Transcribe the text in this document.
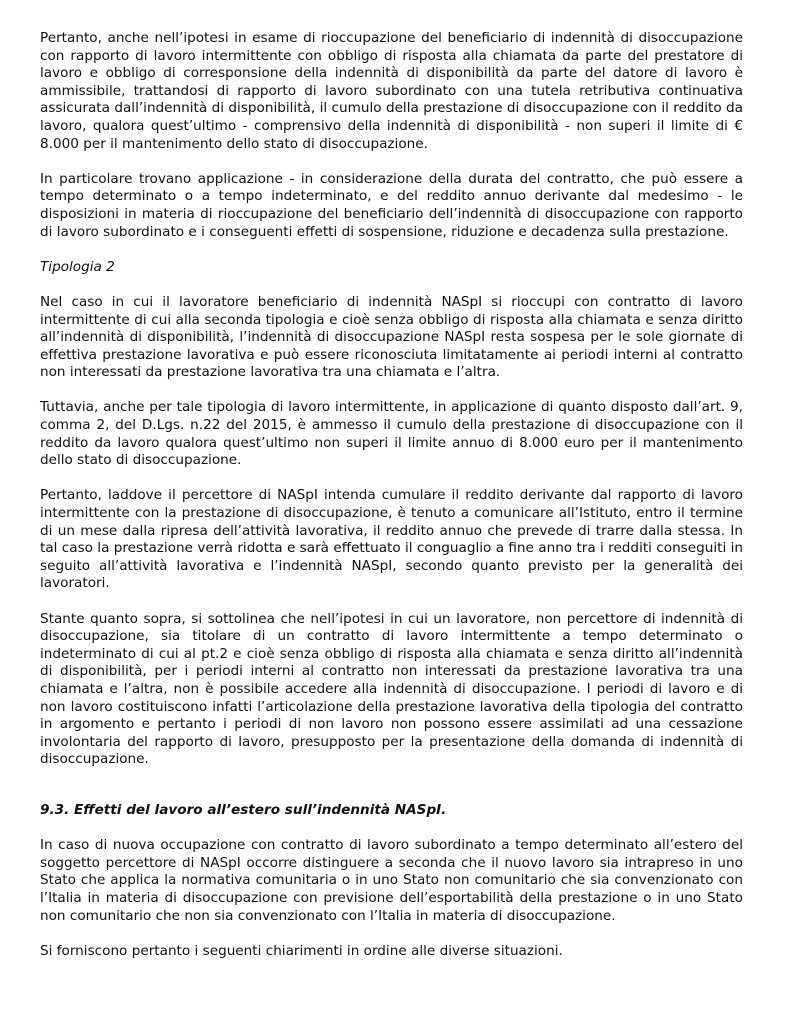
Pertanto, anche nell’ipotesi in esame di rioccupazione del beneficiario di indennità di disoccupazione con rapporto di lavoro intermittente con obbligo di risposta alla chiamata da parte del prestatore di lavoro e obbligo di corresponsione della indennità di disponibilità da parte del datore di lavoro è ammissibile, trattandosi di rapporto di lavoro subordinato con una tutela retributiva continuativa assicurata dall’indennità di disponibilità, il cumulo della prestazione di disoccupazione con il reddito da lavoro, qualora quest’ultimo - comprensivo della indennità di disponibilità - non superi il limite di € 8.000 per il mantenimento dello stato di disoccupazione.

In particolare trovano applicazione - in considerazione della durata del contratto, che può essere a tempo determinato o a tempo indeterminato, e del reddito annuo derivante dal medesimo - le disposizioni in materia di rioccupazione del beneficiario dell’indennità di disoccupazione con rapporto di lavoro subordinato e i conseguenti effetti di sospensione, riduzione e decadenza sulla prestazione.

Tipologia 2

Nel caso in cui il lavoratore beneficiario di indennità NASpI si rioccupi con contratto di lavoro intermittente di cui alla seconda tipologia e cioè senza obbligo di risposta alla chiamata e senza diritto all’indennità di disponibilità, l’indennità di disoccupazione NASpI resta sospesa per le sole giornate di effettiva prestazione lavorativa e può essere riconosciuta limitatamente ai periodi interni al contratto non interessati da prestazione lavorativa tra una chiamata e l’altra.

Tuttavia, anche per tale tipologia di lavoro intermittente, in applicazione di quanto disposto dall’art. 9, comma 2, del D.Lgs. n.22 del 2015, è ammesso il cumulo della prestazione di disoccupazione con il reddito da lavoro qualora quest’ultimo non superi il limite annuo di 8.000 euro per il mantenimento dello stato di disoccupazione.

Pertanto, laddove il percettore di NASpI intenda cumulare il reddito derivante dal rapporto di lavoro intermittente con la prestazione di disoccupazione, è tenuto a comunicare all’Istituto, entro il termine di un mese dalla ripresa dell’attività lavorativa, il reddito annuo che prevede di trarre dalla stessa. In tal caso la prestazione verrà ridotta e sarà effettuato il conguaglio a fine anno tra i redditi conseguiti in seguito all’attività lavorativa e l’indennità NASpI, secondo quanto previsto per la generalità dei lavoratori.

Stante quanto sopra, si sottolinea che nell’ipotesi in cui un lavoratore, non percettore di indennità di disoccupazione, sia titolare di un contratto di lavoro intermittente a tempo determinato o indeterminato di cui al pt.2 e cioè senza obbligo di risposta alla chiamata e senza diritto all’indennità di disponibilità, per i periodi interni al contratto non interessati da prestazione lavorativa tra una chiamata e l’altra, non è possibile accedere alla indennità di disoccupazione. I periodi di lavoro e di non lavoro costituiscono infatti l’articolazione della prestazione lavorativa della tipologia del contratto in argomento e pertanto i periodi di non lavoro non possono essere assimilati ad una cessazione involontaria del rapporto di lavoro, presupposto per la presentazione della domanda di indennità di disoccupazione.

9.3. Effetti del lavoro all’estero sull’indennità NASpI.

In caso di nuova occupazione con contratto di lavoro subordinato a tempo determinato all’estero del soggetto percettore di NASpI occorre distinguere a seconda che il nuovo lavoro sia intrapreso in uno Stato che applica la normativa comunitaria o in uno Stato non comunitario che sia convenzionato con l’Italia in materia di disoccupazione con previsione dell’esportabilità della prestazione o in uno Stato non comunitario che non sia convenzionato con l’Italia in materia di disoccupazione.

Si forniscono pertanto i seguenti chiarimenti in ordine alle diverse situazioni.
